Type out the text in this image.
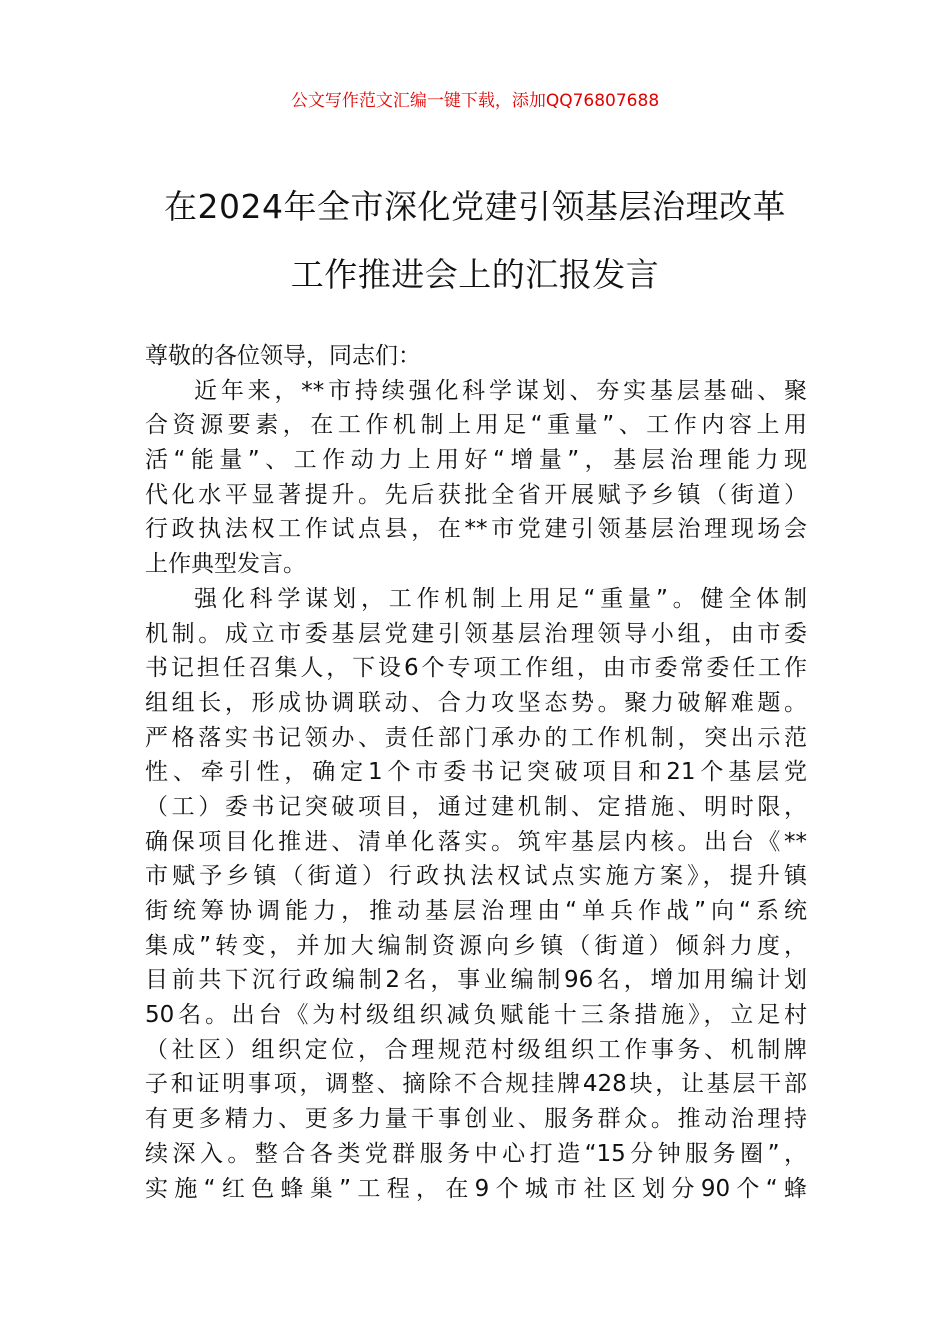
公文写作范文汇编一键下载，添加QQ76807688
在2024年全市深化党建引领基层治理改革
工作推进会上的汇报发言
尊敬的各位领导，同志们：
近年来，**市持续强化科学谋划、夯实基层基础、聚
合资源要素，在工作机制上用足“重量”、工作内容上用
活“能量”、工作动力上用好“增量”，基层治理能力现
代化水平显著提升。先后获批全省开展赋予乡镇（街道）
行政执法权工作试点县，在**市党建引领基层治理现场会
上作典型发言。
强化科学谋划，工作机制上用足“重量”。健全体制
机制。成立市委基层党建引领基层治理领导小组，由市委
书记担任召集人，下设6个专项工作组，由市委常委任工作
组组长，形成协调联动、合力攻坚态势。聚力破解难题。
严格落实书记领办、责任部门承办的工作机制，突出示范
性、牵引性，确定1个市委书记突破项目和21个基层党
（工）委书记突破项目，通过建机制、定措施、明时限，
确保项目化推进、清单化落实。筑牢基层内核。出台《**
市赋予乡镇（街道）行政执法权试点实施方案》，提升镇
街统筹协调能力，推动基层治理由“单兵作战”向“系统
集成”转变，并加大编制资源向乡镇（街道）倾斜力度，
目前共下沉行政编制2名，事业编制96名，增加用编计划
50名。出台《为村级组织减负赋能十三条措施》，立足村
（社区）组织定位，合理规范村级组织工作事务、机制牌
子和证明事项，调整、摘除不合规挂牌428块，让基层干部
有更多精力、更多力量干事创业、服务群众。推动治理持
续深入。整合各类党群服务中心打造“15分钟服务圈”，
实施“红色蜂巢”工程，在9个城市社区划分90个“蜂
